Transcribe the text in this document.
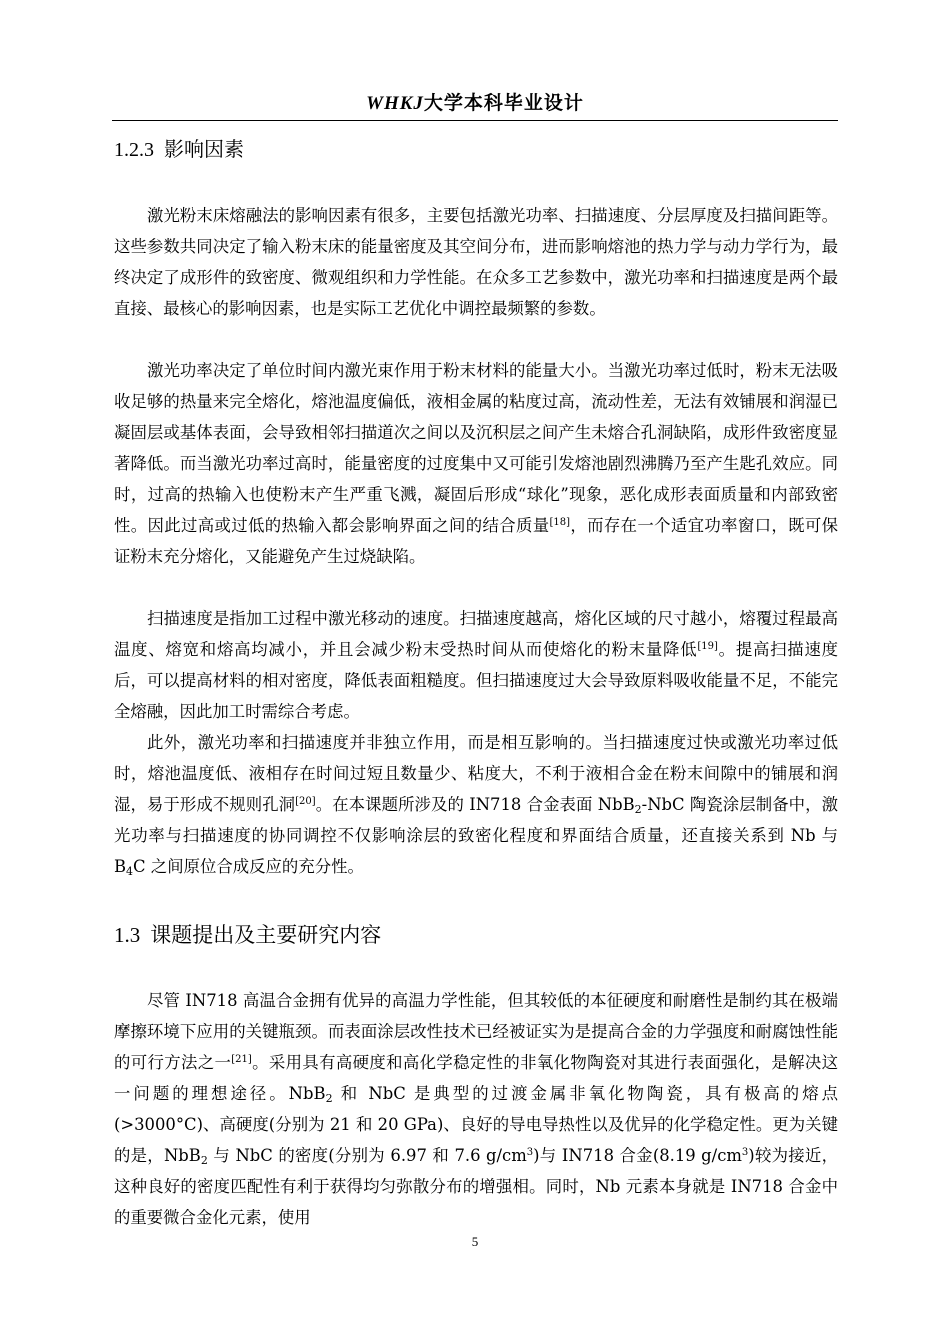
WHKJ大学本科毕业设计
1.2.3 影响因素

激光粉末床熔融法的影响因素有很多，主要包括激光功率、扫描速度、分层厚度及扫描间距等。这些参数共同决定了输入粉末床的能量密度及其空间分布，进而影响熔池的热力学与动力学行为，最终决定了成形件的致密度、微观组织和力学性能。在众多工艺参数中，激光功率和扫描速度是两个最直接、最核心的影响因素，也是实际工艺优化中调控最频繁的参数。

激光功率决定了单位时间内激光束作用于粉末材料的能量大小。当激光功率过低时，粉末无法吸收足够的热量来完全熔化，熔池温度偏低，液相金属的粘度过高，流动性差，无法有效铺展和润湿已凝固层或基体表面，会导致相邻扫描道次之间以及沉积层之间产生未熔合孔洞缺陷，成形件致密度显著降低。而当激光功率过高时，能量密度的过度集中又可能引发熔池剧烈沸腾乃至产生匙孔效应。同时，过高的热输入也使粉末产生严重飞溅，凝固后形成“球化”现象，恶化成形表面质量和内部致密性。因此过高或过低的热输入都会影响界面之间的结合质量[18]，而存在一个适宜功率窗口，既可保证粉末充分熔化，又能避免产生过烧缺陷。

扫描速度是指加工过程中激光移动的速度。扫描速度越高，熔化区域的尺寸越小，熔覆过程最高温度、熔宽和熔高均减小，并且会减少粉末受热时间从而使熔化的粉末量降低[19]。提高扫描速度后，可以提高材料的相对密度，降低表面粗糙度。但扫描速度过大会导致原料吸收能量不足，不能完全熔融，因此加工时需综合考虑。

此外，激光功率和扫描速度并非独立作用，而是相互影响的。当扫描速度过快或激光功率过低时，熔池温度低、液相存在时间过短且数量少、粘度大，不利于液相合金在粉末间隙中的铺展和润湿，易于形成不规则孔洞[20]。在本课题所涉及的 IN718 合金表面 NbB$_2$-NbC 陶瓷涂层制备中，激光功率与扫描速度的协同调控不仅影响涂层的致密化程度和界面结合质量，还直接关系到 Nb 与 $B_4C$ 之间原位合成反应的充分性。

1.3 课题提出及主要研究内容

尽管 IN718 高温合金拥有优异的高温力学性能，但其较低的本征硬度和耐磨性是制约其在极端摩擦环境下应用的关键瓶颈。而表面涂层改性技术已经被证实为是提高合金的力学强度和耐腐蚀性能的可行方法之一[21]。采用具有高硬度和高化学稳定性的非氧化物陶瓷对其进行表面强化，是解决这一问题的理想途径。NbB$_2$ 和 NbC 是典型的过渡金属非氧化物陶瓷，具有极高的熔点(>3000°C)、高硬度(分别为 21 和 20 GPa)、良好的导电导热性以及优异的化学稳定性。更为关键的是，NbB$_2$ 与 NbC 的密度(分别为 6.97 和 7.6 $g/cm^3$)与 IN718 合金(8.19 $g/cm^3$)较为接近，这种良好的密度匹配性有利于获得均匀弥散分布的增强相。同时，Nb 元素本身就是 IN718 合金中的重要微合金化元素，使用

5
